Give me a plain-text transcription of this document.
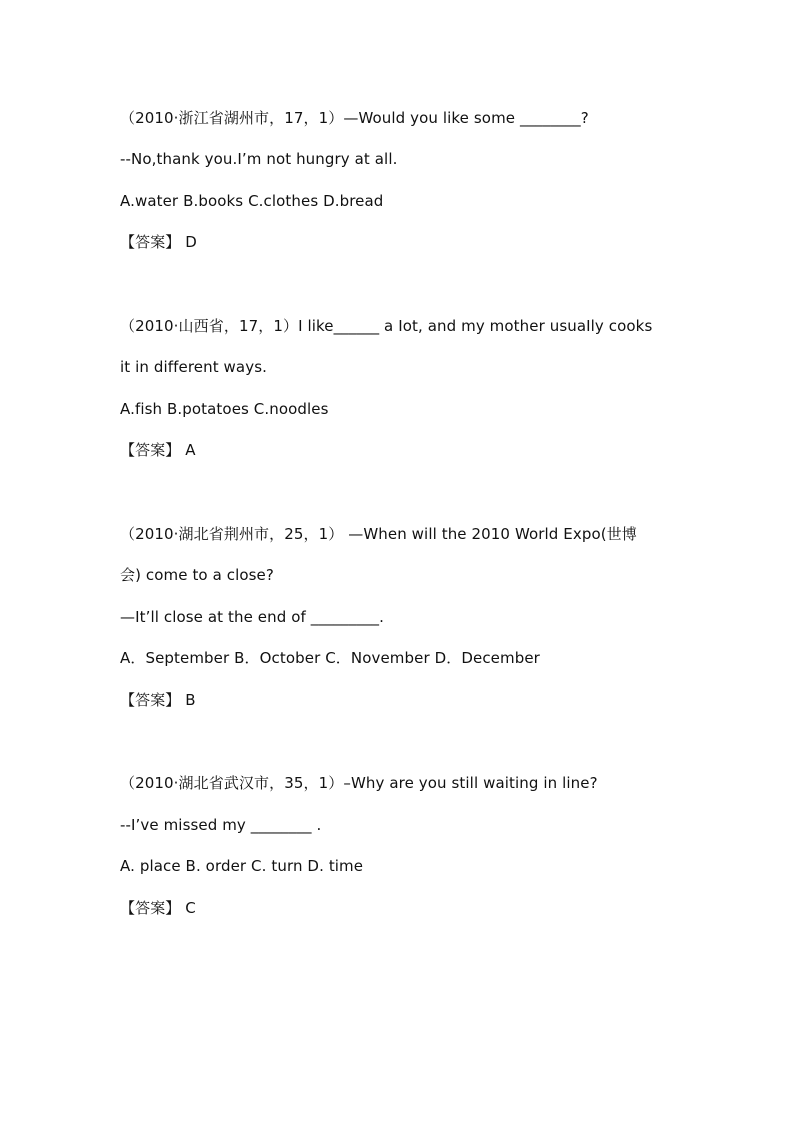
（2010·浙江省湖州市，17，1）—Would you like some ________?
--No,thank you.I’m not hungry at all.
A.water B.books C.clothes D.bread
【答案】 D
（2010·山西省，17，1）I like______ a Iot, and my mother usuaIly cooks
it in different ways.
A.fish B.potatoes C.noodles
【答案】 A
（2010·湖北省荆州市，25，1） —When will the 2010 World Expo(世博
会) come to a close?
—It’ll close at the end of _________.
A．September B．October C．November D．December
【答案】 B
（2010·湖北省武汉市，35，1）–Why are you still waiting in line?
--I’ve missed my ________ .
A. place B. order C. turn D. time
【答案】 C
